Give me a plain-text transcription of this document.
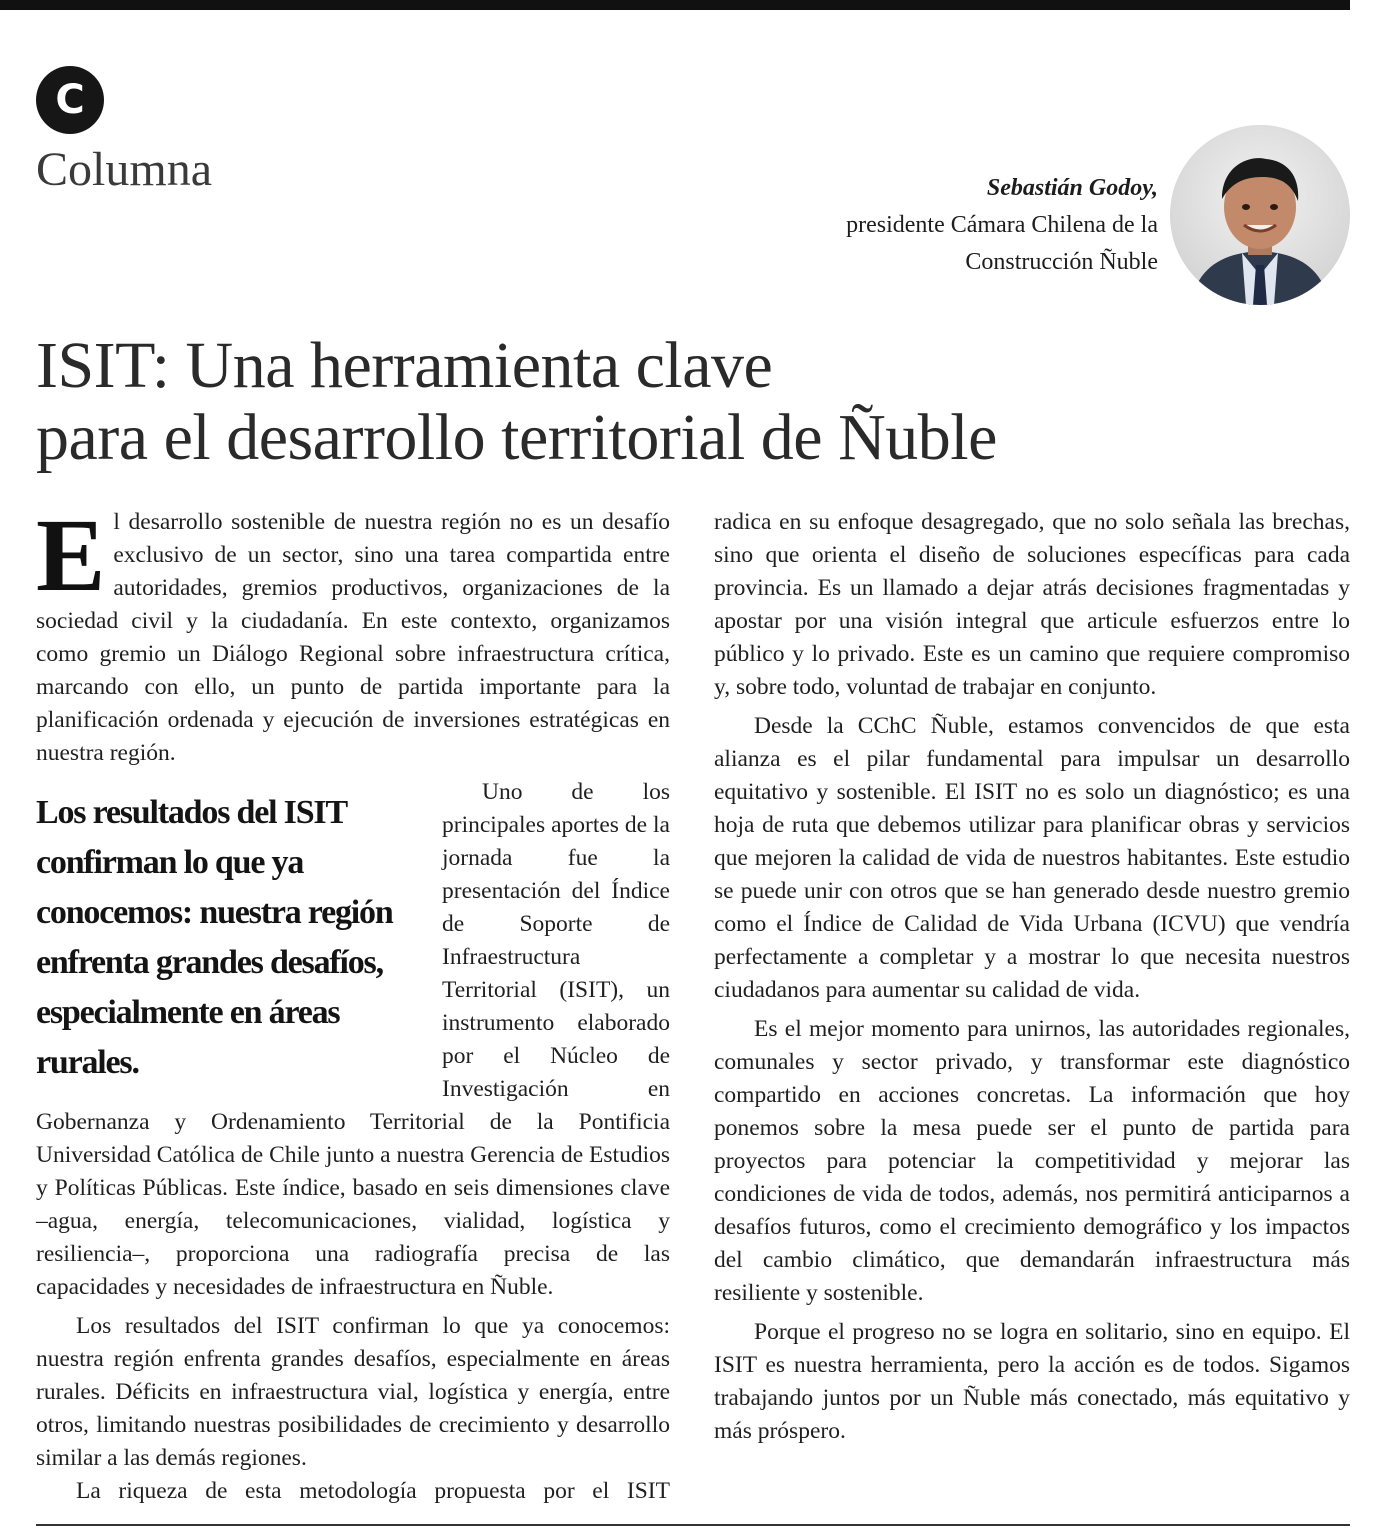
C
Columna	Sebastián Godoy,
presidente Cámara Chilena de la
Construcción Ñuble
ISIT: Una herramienta clave
para el desarrollo territorial de Ñuble

El desarrollo sostenible de nuestra región no es un desafío exclusivo de un sector, sino una tarea compartida entre autoridades, gremios productivos, organizaciones de la sociedad civil y la ciudadanía. En este contexto, organizamos como gremio un Diálogo Regional sobre infraestructura crítica, marcando con ello, un punto de partida importante para la planificación ordenada y ejecución de inversiones estratégicas en nuestra región.

Los resultados del ISIT confirman lo que ya conocemos: nuestra región enfrenta grandes desafíos, especialmente en áreas rurales.

Uno de los principales aportes de la jornada fue la presentación del Índice de Soporte de Infraestructura Territorial (ISIT), un instrumento elaborado por el Núcleo de Investigación en Gobernanza y Ordenamiento Territorial de la Pontificia Universidad Católica de Chile junto a nuestra Gerencia de Estudios y Políticas Públicas. Este índice, basado en seis dimensiones clave –agua, energía, telecomunicaciones, vialidad, logística y resiliencia–, proporciona una radiografía precisa de las capacidades y necesidades de infraestructura en Ñuble.

Los resultados del ISIT confirman lo que ya conocemos: nuestra región enfrenta grandes desafíos, especialmente en áreas rurales. Déficits en infraestructura vial, logística y energía, entre otros, limitando nuestras posibilidades de crecimiento y desarrollo similar a las demás regiones.

La riqueza de esta metodología propuesta por el ISIT

radica en su enfoque desagregado, que no solo señala las brechas, sino que orienta el diseño de soluciones específicas para cada provincia. Es un llamado a dejar atrás decisiones fragmentadas y apostar por una visión integral que articule esfuerzos entre lo público y lo privado. Este es un camino que requiere compromiso y, sobre todo, voluntad de trabajar en conjunto.

Desde la CChC Ñuble, estamos convencidos de que esta alianza es el pilar fundamental para impulsar un desarrollo equitativo y sostenible. El ISIT no es solo un diagnóstico; es una hoja de ruta que debemos utilizar para planificar obras y servicios que mejoren la calidad de vida de nuestros habitantes. Este estudio se puede unir con otros que se han generado desde nuestro gremio como el Índice de Calidad de Vida Urbana (ICVU) que vendría perfectamente a completar y a mostrar lo que necesita nuestros ciudadanos para aumentar su calidad de vida.

Es el mejor momento para unirnos, las autoridades regionales, comunales y sector privado, y transformar este diagnóstico compartido en acciones concretas. La información que hoy ponemos sobre la mesa puede ser el punto de partida para proyectos para potenciar la competitividad y mejorar las condiciones de vida de todos, además, nos permitirá anticiparnos a desafíos futuros, como el crecimiento demográfico y los impactos del cambio climático, que demandarán infraestructura más resiliente y sostenible.

Porque el progreso no se logra en solitario, sino en equipo. El ISIT es nuestra herramienta, pero la acción es de todos. Sigamos trabajando juntos por un Ñuble más conectado, más equitativo y más próspero.
